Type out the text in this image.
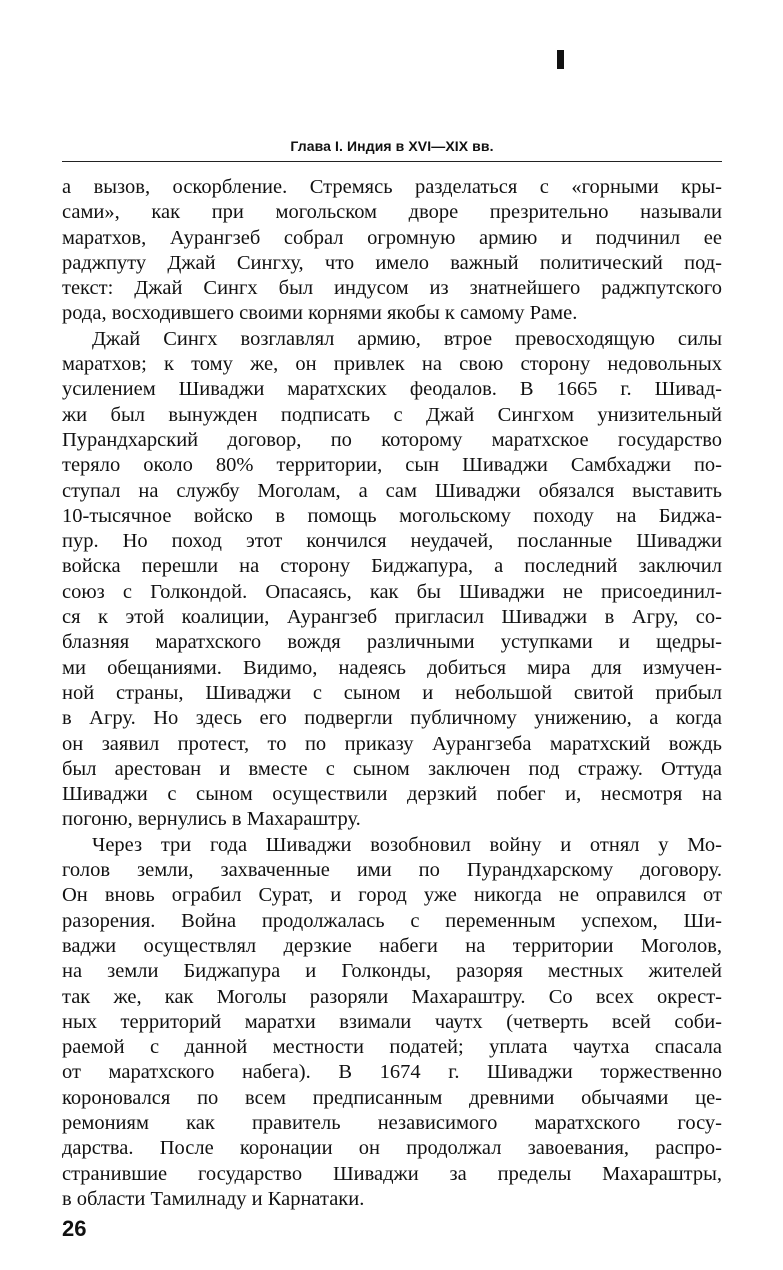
Глава I. Индия в XVI—XIX вв.
а вызов, оскорбление. Стремясь разделаться с «горными кры-
сами», как при могольском дворе презрительно называли
маратхов, Аурангзеб собрал огромную армию и подчинил ее
раджпуту Джай Сингху, что имело важный политический под-
текст: Джай Сингх был индусом из знатнейшего раджпутского
рода, восходившего своими корнями якобы к самому Раме.
Джай Сингх возглавлял армию, втрое превосходящую силы
маратхов; к тому же, он привлек на свою сторону недовольных
усилением Шиваджи маратхских феодалов. В 1665 г. Шивад-
жи был вынужден подписать с Джай Сингхом унизительный
Пурандхарский договор, по которому маратхское государство
теряло около 80% территории, сын Шиваджи Самбхаджи по-
ступал на службу Моголам, а сам Шиваджи обязался выставить
10-тысячное войско в помощь могольскому походу на Биджа-
пур. Но поход этот кончился неудачей, посланные Шиваджи
войска перешли на сторону Биджапура, а последний заключил
союз с Голкондой. Опасаясь, как бы Шиваджи не присоединил-
ся к этой коалиции, Аурангзеб пригласил Шиваджи в Агру, со-
блазняя маратхского вождя различными уступками и щедры-
ми обещаниями. Видимо, надеясь добиться мира для измучен-
ной страны, Шиваджи с сыном и небольшой свитой прибыл
в Агру. Но здесь его подвергли публичному унижению, а когда
он заявил протест, то по приказу Аурангзеба маратхский вождь
был арестован и вместе с сыном заключен под стражу. Оттуда
Шиваджи с сыном осуществили дерзкий побег и, несмотря на
погоню, вернулись в Махараштру.
Через три года Шиваджи возобновил войну и отнял у Мо-
голов земли, захваченные ими по Пурандхарскому договору.
Он вновь ограбил Сурат, и город уже никогда не оправился от
разорения. Война продолжалась с переменным успехом, Ши-
ваджи осуществлял дерзкие набеги на территории Моголов,
на земли Биджапура и Голконды, разоряя местных жителей
так же, как Моголы разоряли Махараштру. Со всех окрест-
ных территорий маратхи взимали чаутх (четверть всей соби-
раемой с данной местности податей; уплата чаутха спасала
от маратхского набега). В 1674 г. Шиваджи торжественно
короновался по всем предписанным древними обычаями це-
ремониям как правитель независимого маратхского госу-
дарства. После коронации он продолжал завоевания, распро-
странившие государство Шиваджи за пределы Махараштры,
в области Тамилнаду и Карнатаки.
26
